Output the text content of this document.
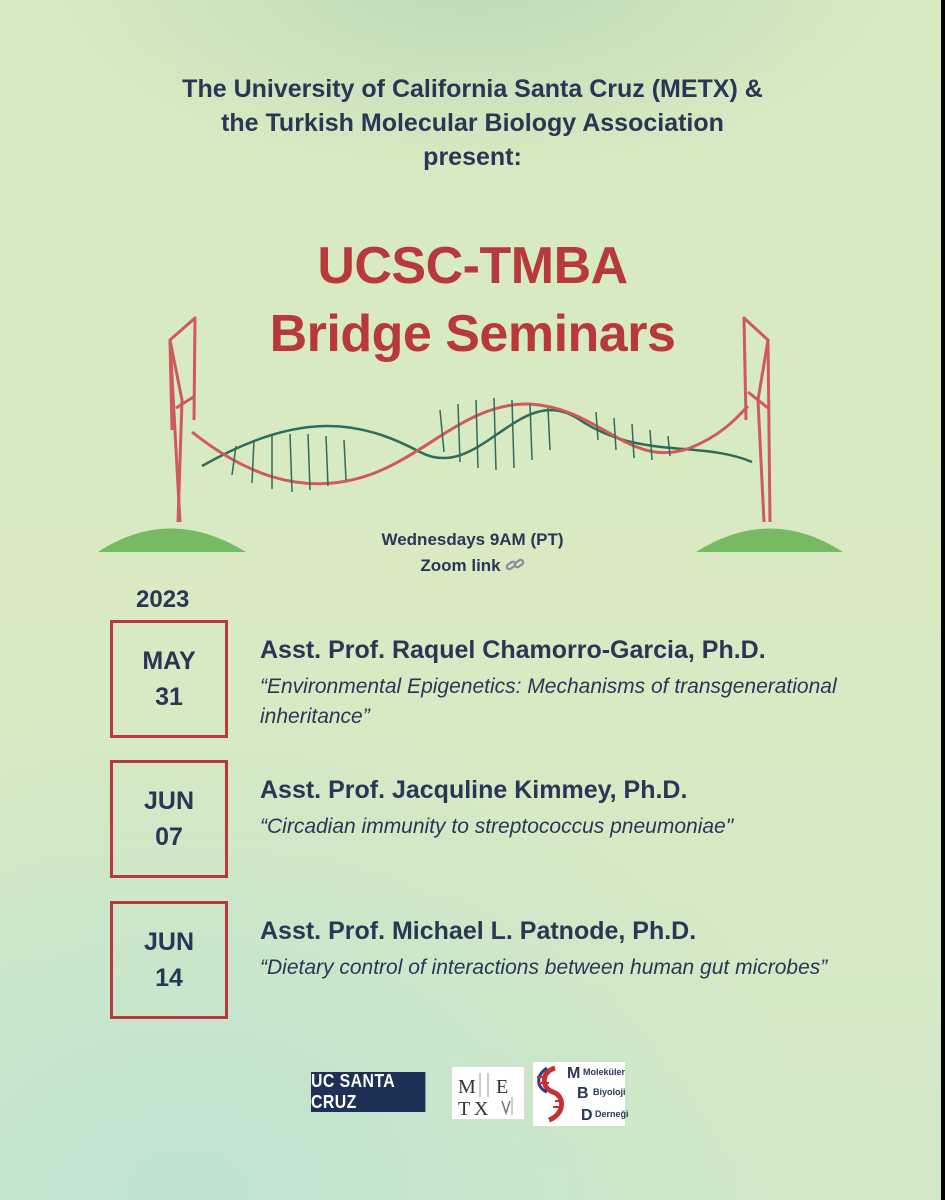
The University of California Santa Cruz (METX) &
the Turkish Molecular Biology Association
present:
UCSC-TMBA
Bridge Seminars
Wednesdays 9AM (PT)
Zoom link
2023
MAY
31
Asst. Prof. Raquel Chamorro-Garcia, Ph.D.
“Environmental Epigenetics: Mechanisms of transgenerational inheritance”
JUN
07
Asst. Prof. Jacquline Kimmey, Ph.D.
“Circadian immunity to streptococcus pneumoniae"
JUN
14
Asst. Prof. Michael L. Patnode, Ph.D.
“Dietary control of interactions between human gut microbes”
UC SANTA CRUZ
M E
T X
M
B
D
Moleküler
Biyoloji
Derneği
